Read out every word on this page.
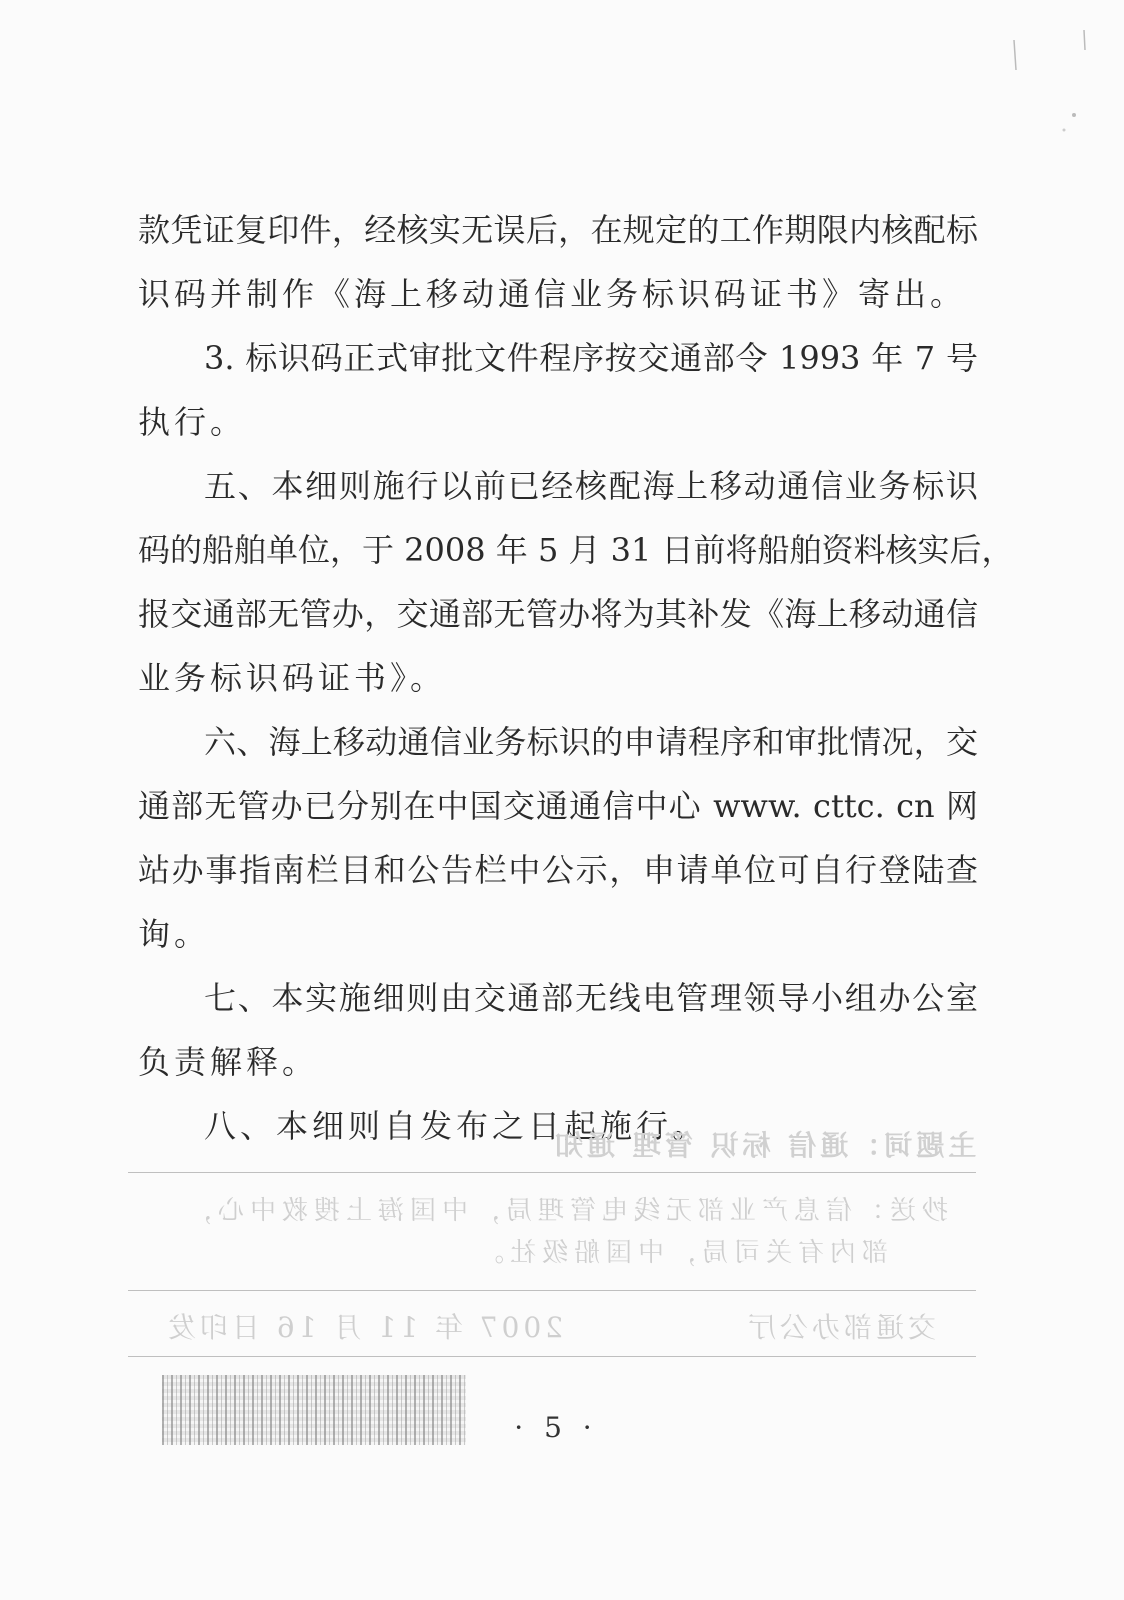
款凭证复印件，经核实无误后，在规定的工作期限内核配标
识码并制作《海上移动通信业务标识码证书》寄出。
3. 标识码正式审批文件程序按交通部令 1993 年 7 号
执行。
五、本细则施行以前已经核配海上移动通信业务标识
码的船舶单位，于 2008 年 5 月 31 日前将船舶资料核实后，
报交通部无管办，交通部无管办将为其补发《海上移动通信
业务标识码证书》。
六、海上移动通信业务标识的申请程序和审批情况，交
通部无管办已分别在中国交通通信中心 www. cttc. cn 网
站办事指南栏目和公告栏中公示，申请单位可自行登陆查
询。
七、本实施细则由交通部无线电管理领导小组办公室
负责解释。
八、本细则自发布之日起施行。
主题词：通信 标识 管理 通知
抄送：信息产业部无线电管理局，中国海上搜救中心，
部内有关司局，中国船级社。
2007 年 11 月 16 日印发	交通部办公厅
· 5 ·
